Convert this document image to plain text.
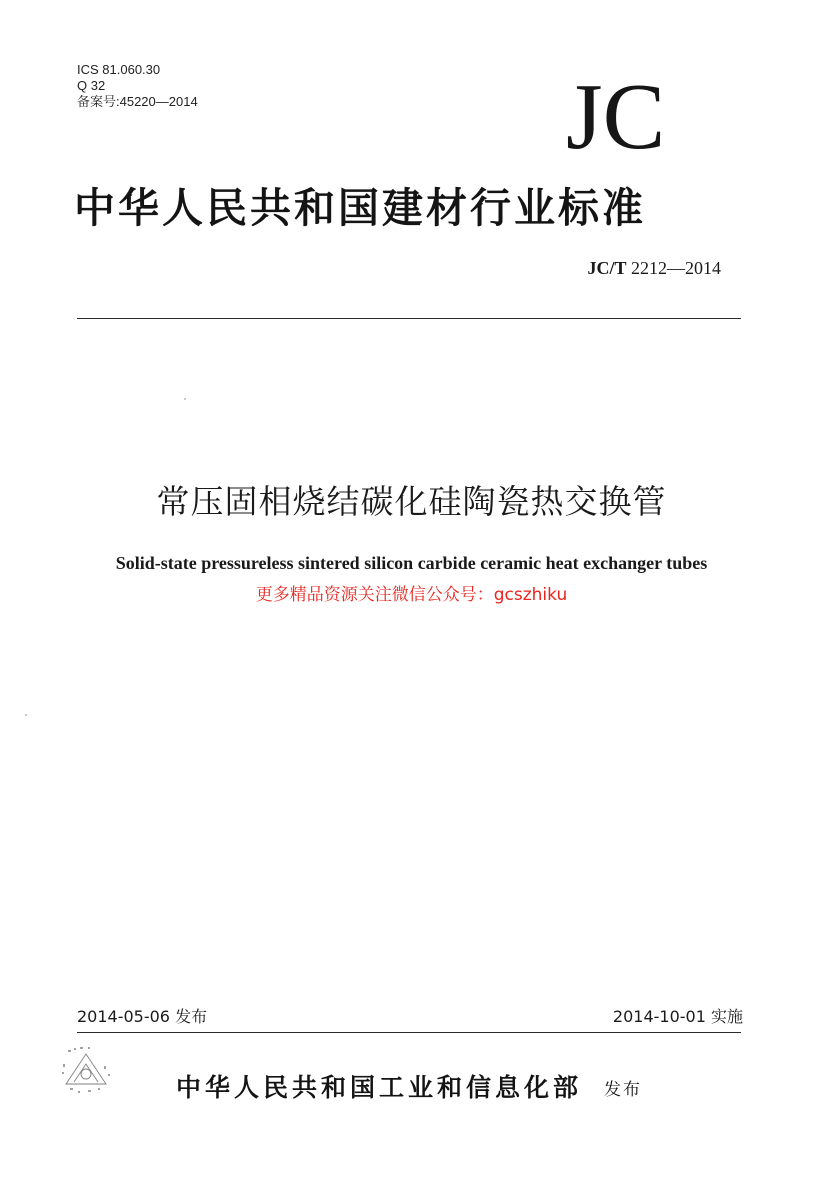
ICS 81.060.30
Q 32
备案号:45220—2014	JC
中华人民共和国建材行业标准
JC/T 2212—2014
常压固相烧结碳化硅陶瓷热交换管
Solid-state pressureless sintered silicon carbide ceramic heat exchanger tubes
更多精品资源关注微信公众号：gcszhiku
2014-05-06 发布	2014-10-01 实施
中华人民共和国工业和信息化部 发布
